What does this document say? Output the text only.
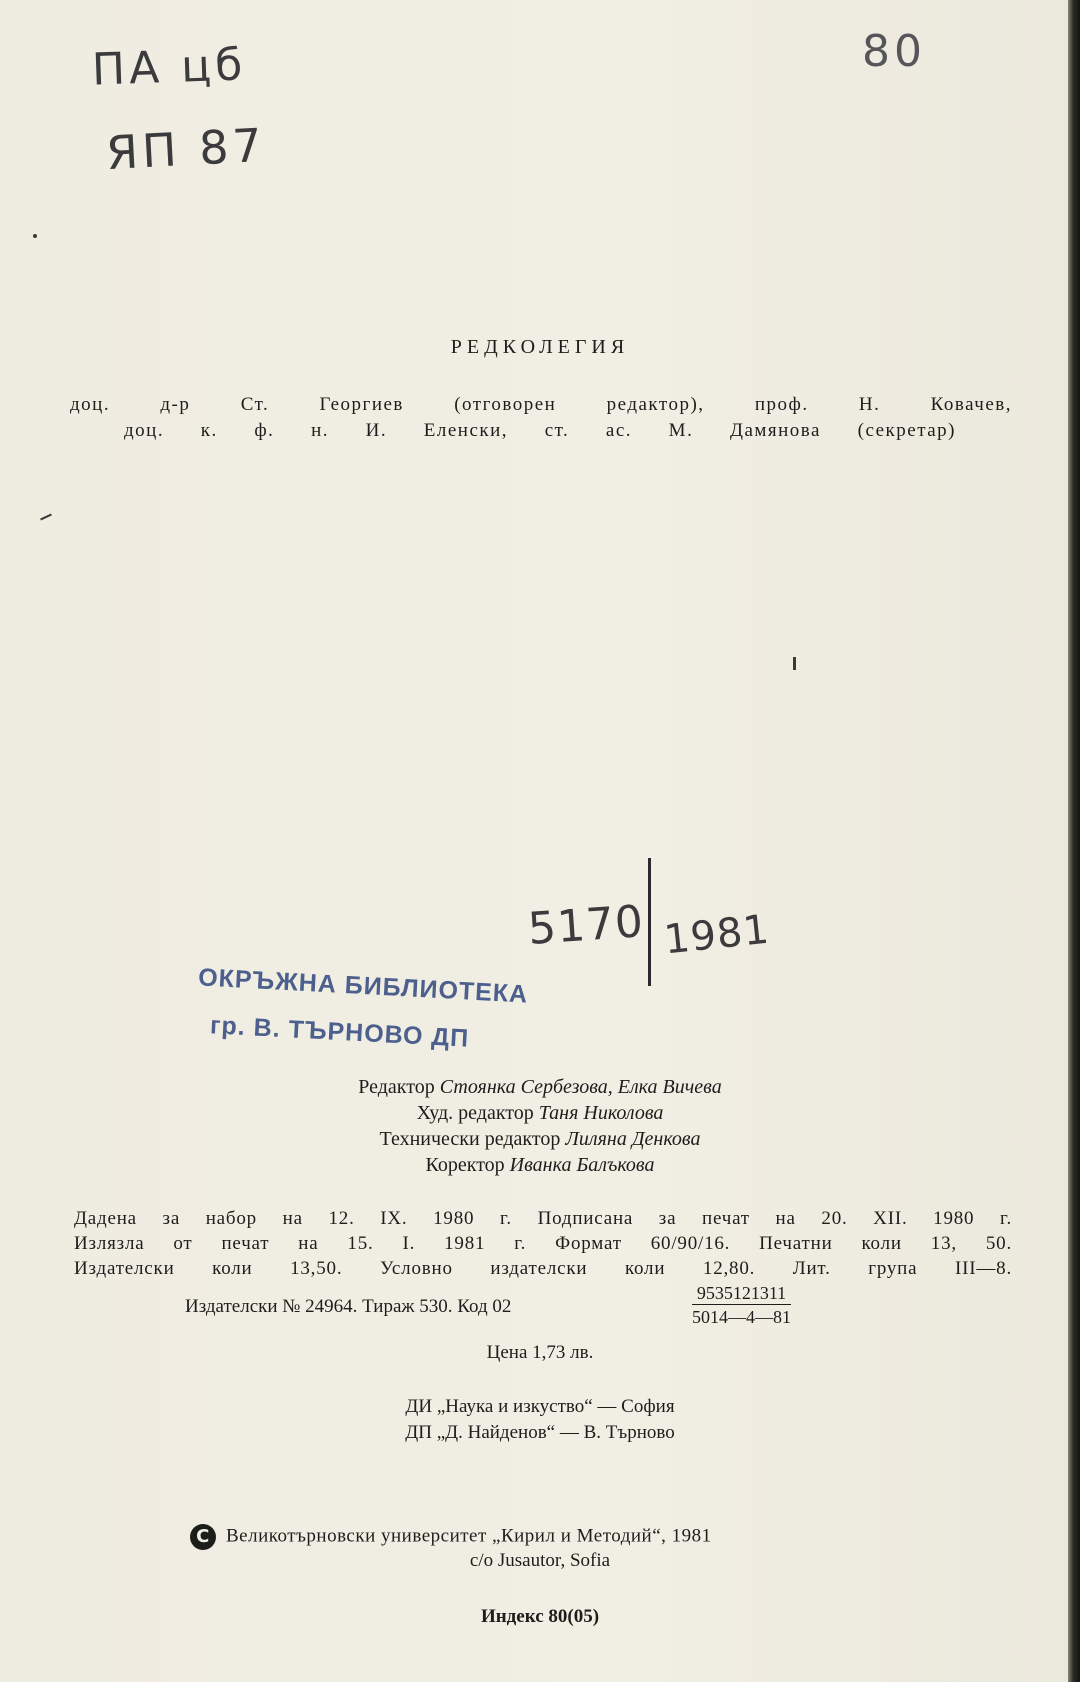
ПА цб
ЯП 87
80
РЕДКОЛЕГИЯ
доц. д-р Ст. Георгиев (отговорен редактор), проф. Н. Ковачев,
доц. к. ф. н. И. Еленски, ст. ас. М. Дамянова (секретар)
5170 1981
ОКРЪЖНА БИБЛИОТЕКА
гр. В. ТЪРНОВО ДП
Редактор Стоянка Сербезова, Елка Вичева
Худ. редактор Таня Николова
Технически редактор Лиляна Денкова
Коректор Иванка Балъкова
Дадена за набор на 12. IX. 1980 г. Подписана за печат на 20. XII. 1980 г.
Излязла от печат на 15. I. 1981 г. Формат 60/90/16. Печатни коли 13, 50.
Издателски коли 13,50. Условно издателски коли 12,80. Лит. група III—8.
Издателски № 24964. Тираж 530. Код 02	$\frac{9535121311}{5014—4—81}$
Цена 1,73 лв.
ДИ „Наука и изкуство“ — София
ДП „Д. Найденов“ — В. Търново
C Великотърновски университет „Кирил и Методий“, 1981
c/o Jusautor, Sofia
Индекс 80(05)
